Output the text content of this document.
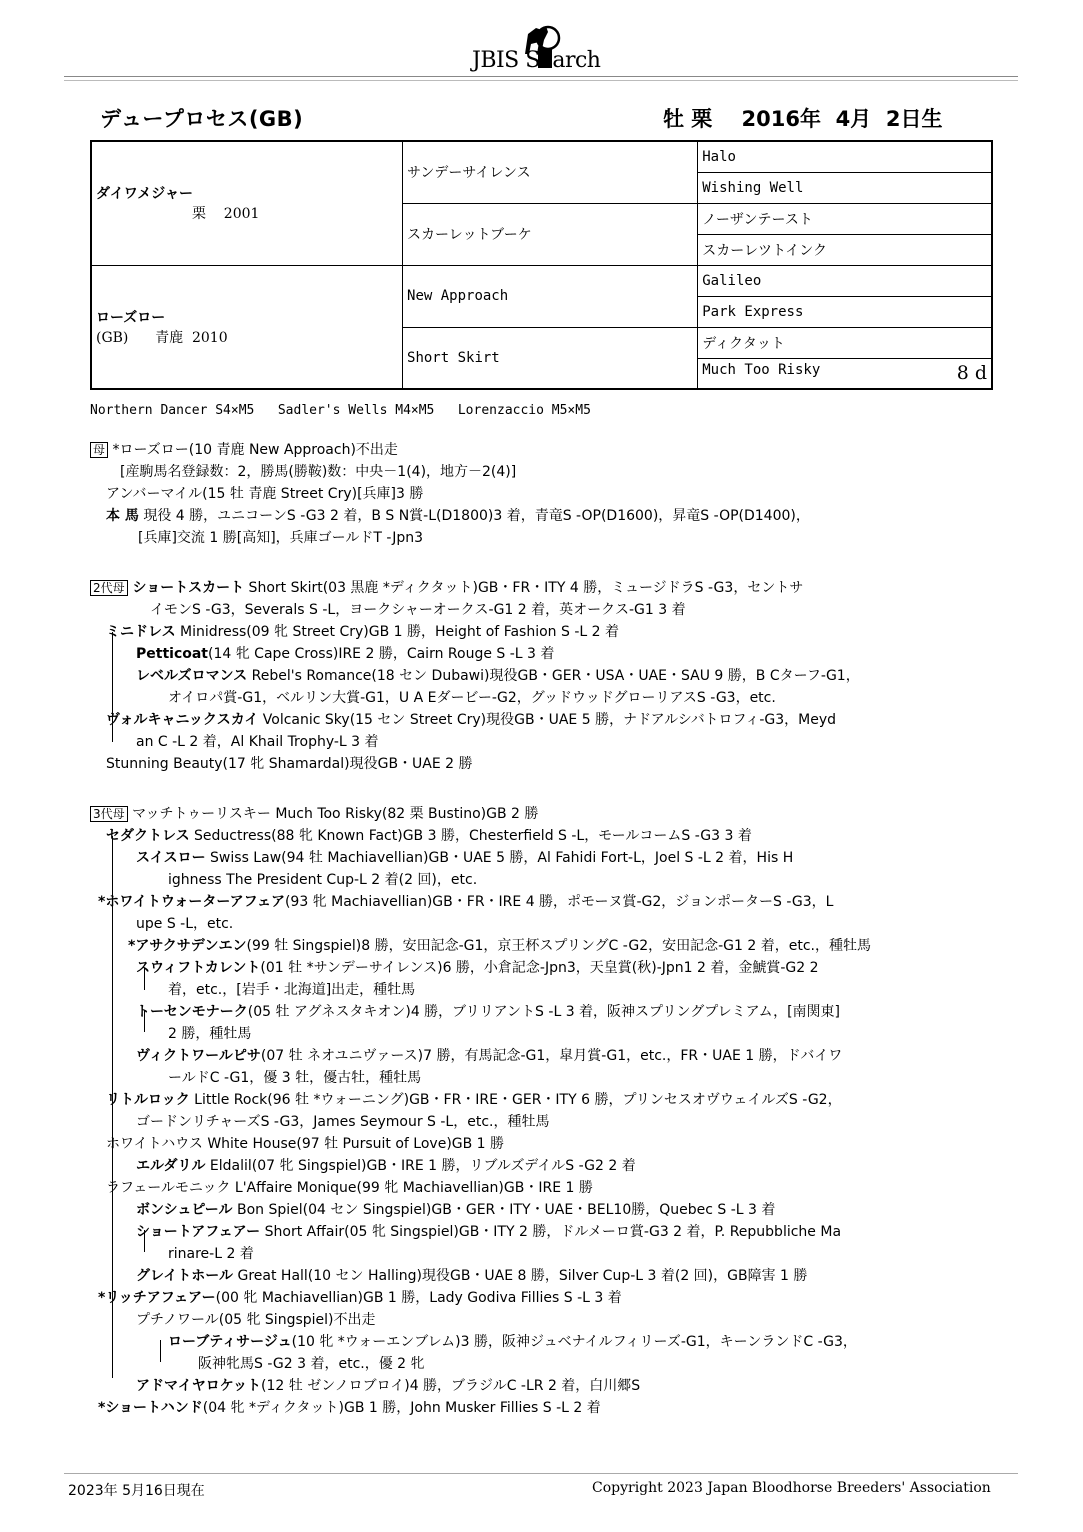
JBIS Search
デュープロセス(GB)	牡 栗    2016年  4月  2日生
ダイワメジャー
栗    2001	サンデーサイレンス	Halo
		Wishing Well
	スカーレットブーケ	ノーザンテースト
		スカーレツトインク

ローズロー
(GB)      青鹿  2010	New Approach	Galileo
		Park Express
	Short Skirt	ディクタット
		Much Too Risky 8 d
Northern Dancer S4×M5   Sadler's Wells M4×M5   Lorenzaccio M5×M5
母 *ローズロー(10 青鹿 New Approach)不出走
[産駒馬名登録数：2，勝馬(勝鞍)数：中央－1(4)，地方－2(4)]
アンバーマイル(15 牡 青鹿 Street Cry)[兵庫]3 勝
本 馬 現役 4 勝，ユニコーンS -G3 2 着，B S N賞-L(D1800)3 着，青竜S -OP(D1600)，昇竜S -OP(D1400)，
[兵庫]交流 1 勝[高知]，兵庫ゴールドT -Jpn3
2代母 ショートスカート Short Skirt(03 黒鹿 *ディクタット)GB・FR・ITY 4 勝，ミュージドラS -G3，セントサ
イモンS -G3，Severals S -L，ヨークシャーオークス-G1 2 着，英オークス-G1 3 着
ミニドレス Minidress(09 牝 Street Cry)GB 1 勝，Height of Fashion S -L 2 着
Petticoat(14 牝 Cape Cross)IRE 2 勝，Cairn Rouge S -L 3 着
レベルズロマンス Rebel's Romance(18 セン Dubawi)現役GB・GER・USA・UAE・SAU 9 勝，B Cターフ-G1，
オイロパ賞-G1，ベルリン大賞-G1，U A Eダービー-G2，グッドウッドグローリアスS -G3，etc.
ヴォルキャニックスカイ Volcanic Sky(15 セン Street Cry)現役GB・UAE 5 勝，ナドアルシバトロフィ-G3，Meyd
an C -L 2 着，Al Khail Trophy-L 3 着
Stunning Beauty(17 牝 Shamardal)現役GB・UAE 2 勝
3代母 マッチトゥーリスキー Much Too Risky(82 栗 Bustino)GB 2 勝
セダクトレス Seductress(88 牝 Known Fact)GB 3 勝，Chesterfield S -L，モールコームS -G3 3 着
スイスロー Swiss Law(94 牡 Machiavellian)GB・UAE 5 勝，Al Fahidi Fort-L，Joel S -L 2 着，His H
ighness The President Cup-L 2 着(2 回)，etc.
*ホワイトウォーターアフェア(93 牝 Machiavellian)GB・FR・IRE 4 勝，ポモーヌ賞-G2，ジョンポーターS -G3，L
upe S -L，etc.
*アサクサデンエン(99 牡 Singspiel)8 勝，安田記念-G1，京王杯スプリングC -G2，安田記念-G1 2 着，etc.，種牡馬
スウィフトカレント(01 牡 *サンデーサイレンス)6 勝，小倉記念-Jpn3，天皇賞(秋)-Jpn1 2 着，金鯱賞-G2 2
着，etc.，[岩手・北海道]出走，種牡馬
トーセンモナーク(05 牡 アグネスタキオン)4 勝，ブリリアントS -L 3 着，阪神スプリングプレミアム，[南関東]
2 勝，種牡馬
ヴィクトワールピサ(07 牡 ネオユニヴァース)7 勝，有馬記念-G1，皐月賞-G1，etc.，FR・UAE 1 勝，ドバイワ
ールドC -G1，優 3 牡，優古牡，種牡馬
リトルロック Little Rock(96 牡 *ウォーニング)GB・FR・IRE・GER・ITY 6 勝，プリンセスオヴウェイルズS -G2，
ゴードンリチャーズS -G3，James Seymour S -L，etc.，種牡馬
ホワイトハウス White House(97 牡 Pursuit of Love)GB 1 勝
エルダリル Eldalil(07 牝 Singspiel)GB・IRE 1 勝，リブルズデイルS -G2 2 着
ラフェールモニック L'Affaire Monique(99 牝 Machiavellian)GB・IRE 1 勝
ボンシュピール Bon Spiel(04 セン Singspiel)GB・GER・ITY・UAE・BEL10勝，Quebec S -L 3 着
ショートアフェアー Short Affair(05 牝 Singspiel)GB・ITY 2 勝，ドルメーロ賞-G3 2 着，P. Repubbliche Ma
rinare-L 2 着
グレイトホール Great Hall(10 セン Halling)現役GB・UAE 8 勝，Silver Cup-L 3 着(2 回)，GB障害 1 勝
*リッチアフェアー(00 牝 Machiavellian)GB 1 勝，Lady Godiva Fillies S -L 3 着
プチノワール(05 牝 Singspiel)不出走
ローブティサージュ(10 牝 *ウォーエンブレム)3 勝，阪神ジュベナイルフィリーズ-G1，キーンランドC -G3，
阪神牝馬S -G2 3 着，etc.，優 2 牝
アドマイヤロケット(12 牡 ゼンノロブロイ)4 勝，ブラジルC -LR 2 着，白川郷S
*ショートハンド(04 牝 *ディクタット)GB 1 勝，John Musker Fillies S -L 2 着
2023年 5月16日現在	Copyright 2023 Japan Bloodhorse Breeders' Association
